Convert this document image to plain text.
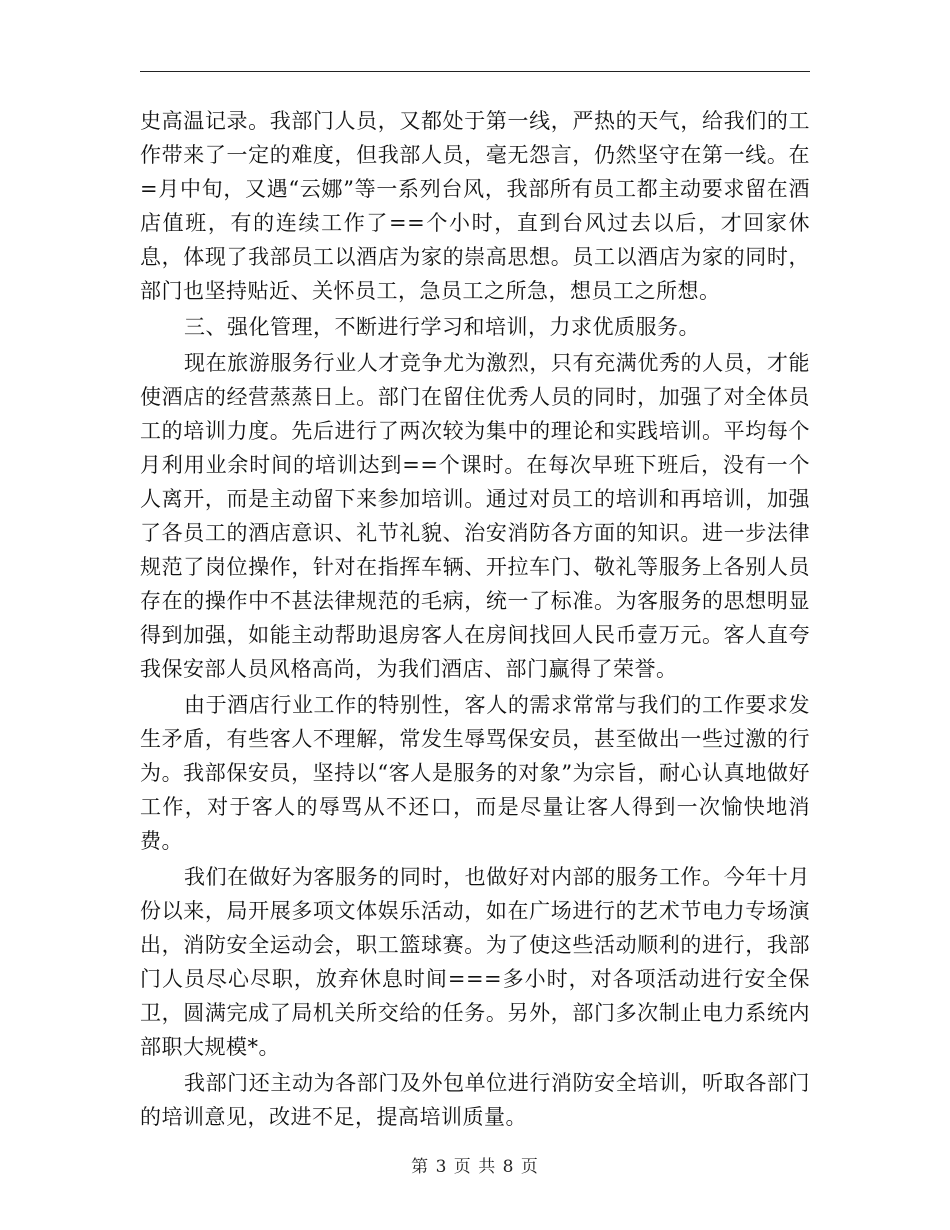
史高温记录。我部门人员，又都处于第一线，严热的天气，给我们的工作带来了一定的难度，但我部人员，毫无怨言，仍然坚守在第一线。在=月中旬，又遇“云娜”等一系列台风，我部所有员工都主动要求留在酒店值班，有的连续工作了==个小时，直到台风过去以后，才回家休息，体现了我部员工以酒店为家的崇高思想。员工以酒店为家的同时，部门也坚持贴近、关怀员工，急员工之所急，想员工之所想。

三、强化管理，不断进行学习和培训，力求优质服务。

现在旅游服务行业人才竞争尤为激烈，只有充满优秀的人员，才能使酒店的经营蒸蒸日上。部门在留住优秀人员的同时，加强了对全体员工的培训力度。先后进行了两次较为集中的理论和实践培训。平均每个月利用业余时间的培训达到==个课时。在每次早班下班后，没有一个人离开，而是主动留下来参加培训。通过对员工的培训和再培训，加强了各员工的酒店意识、礼节礼貌、治安消防各方面的知识。进一步法律规范了岗位操作，针对在指挥车辆、开拉车门、敬礼等服务上各别人员存在的操作中不甚法律规范的毛病，统一了标准。为客服务的思想明显得到加强，如能主动帮助退房客人在房间找回人民币壹万元。客人直夸我保安部人员风格高尚，为我们酒店、部门赢得了荣誉。

由于酒店行业工作的特别性，客人的需求常常与我们的工作要求发生矛盾，有些客人不理解，常发生辱骂保安员，甚至做出一些过激的行为。我部保安员，坚持以“客人是服务的对象”为宗旨，耐心认真地做好工作，对于客人的辱骂从不还口，而是尽量让客人得到一次愉快地消费。

我们在做好为客服务的同时，也做好对内部的服务工作。今年十月份以来，局开展多项文体娱乐活动，如在广场进行的艺术节电力专场演出，消防安全运动会，职工篮球赛。为了使这些活动顺利的进行，我部门人员尽心尽职，放弃休息时间===多小时，对各项活动进行安全保卫，圆满完成了局机关所交给的任务。另外，部门多次制止电力系统内部职大规模*。

我部门还主动为各部门及外包单位进行消防安全培训，听取各部门的培训意见，改进不足，提高培训质量。

第 3 页 共 8 页
